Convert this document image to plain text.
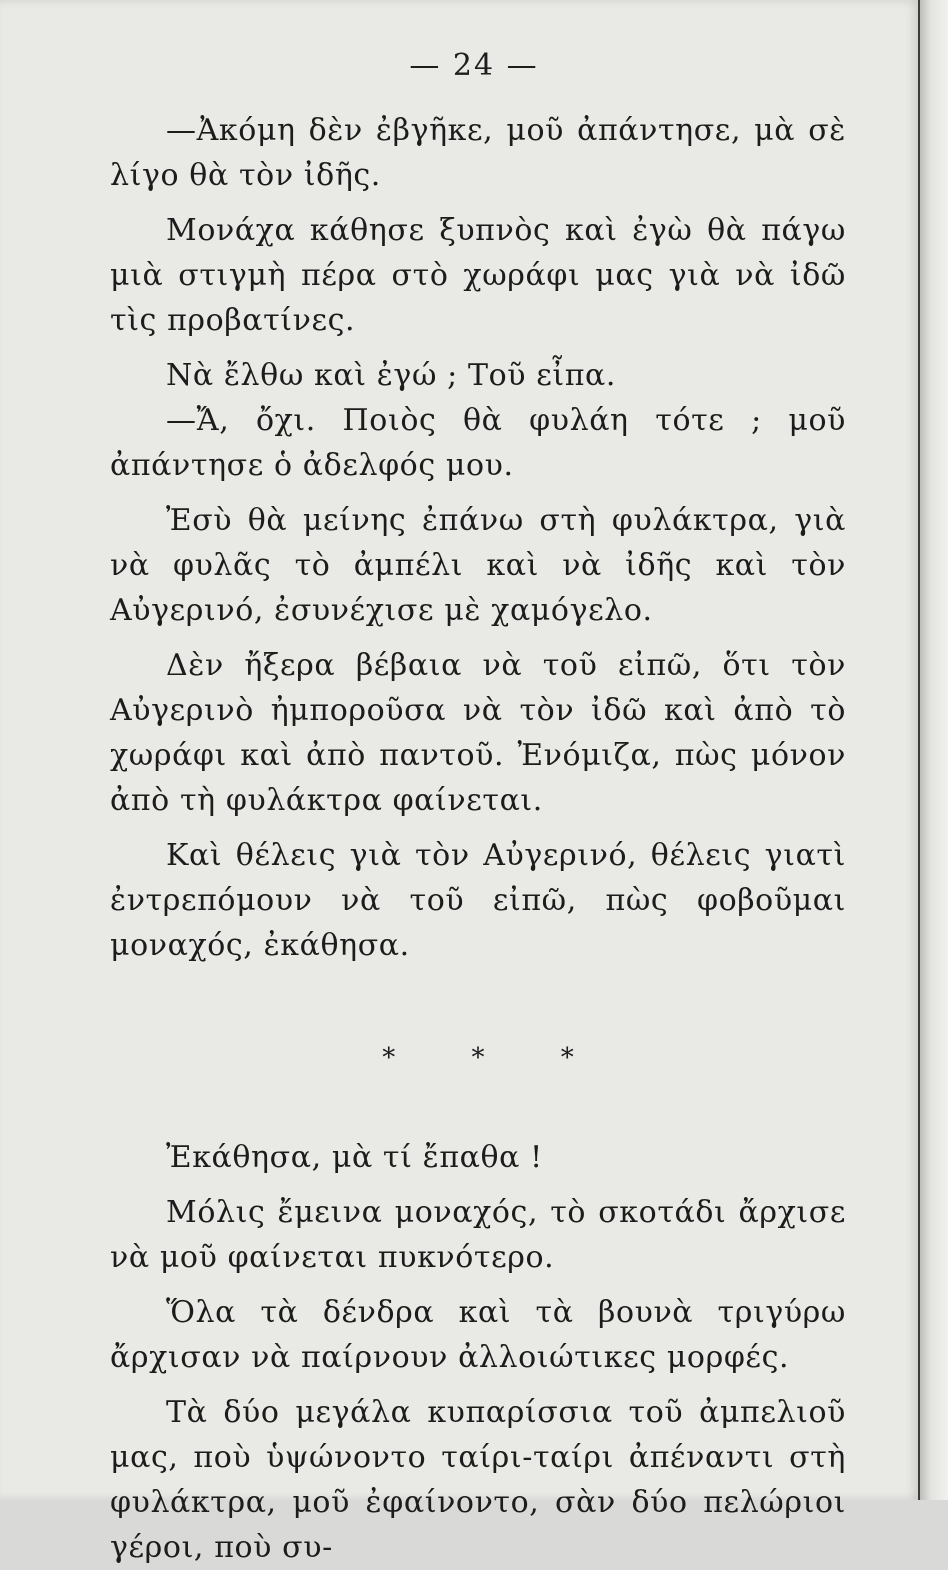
— 24 —

—Ἀκόμη δὲν ἐβγῆκε, μοῦ ἀπάντησε, μὰ σὲ λίγο θὰ τὸν ἰδῆς.

Μονάχα κάθησε ξυπνὸς καὶ ἐγὼ θὰ πάγω μιὰ στιγμὴ πέρα στὸ χωράφι μας γιὰ νὰ ἰδῶ τὶς προβατίνες.

Νὰ ἔλθω καὶ ἐγώ ; Τοῦ εἶπα.

—Ἄ, ὄχι. Ποιὸς θὰ φυλάη τότε ; μοῦ ἀπάντησε ὁ ἀδελφός μου.

Ἐσὺ θὰ μείνης ἐπάνω στὴ φυλάκτρα, γιὰ νὰ φυλᾶς τὸ ἀμπέλι καὶ νὰ ἰδῆς καὶ τὸν Αὐγερινό, ἐσυνέχισε μὲ χαμόγελο.

Δὲν ἤξερα βέβαια νὰ τοῦ εἰπῶ, ὅτι τὸν Αὐγερινὸ ἠμποροῦσα νὰ τὸν ἰδῶ καὶ ἀπὸ τὸ χωράφι καὶ ἀπὸ παντοῦ. Ἐνόμιζα, πὼς μόνον ἀπὸ τὴ φυλάκτρα φαίνεται.

Καὶ θέλεις γιὰ τὸν Αὐγερινό, θέλεις γιατὶ ἐντρεπόμουν νὰ τοῦ εἰπῶ, πὼς φοβοῦμαι μοναχός, ἐκάθησα.

* * *

Ἐκάθησα, μὰ τί ἔπαθα !

Μόλις ἔμεινα μοναχός, τὸ σκοτάδι ἄρχισε νὰ μοῦ φαίνεται πυκνότερο.

Ὅλα τὰ δένδρα καὶ τὰ βουνὰ τριγύρω ἄρχισαν νὰ παίρνουν ἀλλοιώτικες μορφές.

Τὰ δύο μεγάλα κυπαρίσσια τοῦ ἀμπελιοῦ μας, ποὺ ὑψώνοντο ταίρι-ταίρι ἀπέναντι στὴ φυλάκτρα, μοῦ ἐφαίνοντο, σὰν δύο πελώριοι γέροι, ποὺ συ-
